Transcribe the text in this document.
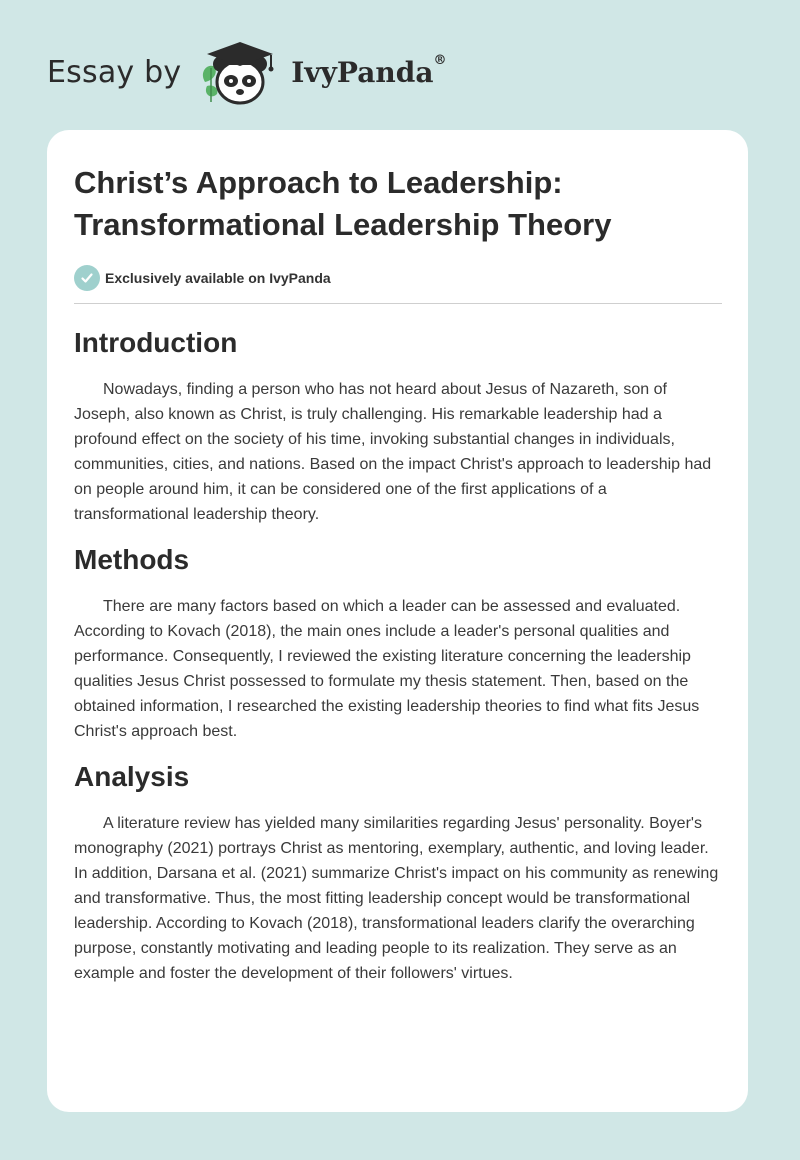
Essay by	IvyPanda®
Christ’s Approach to Leadership:
Transformational Leadership Theory
Exclusively available on IvyPanda
Introduction

Nowadays, finding a person who has not heard about Jesus of Nazareth, son of Joseph, also known as Christ, is truly challenging. His remarkable leadership had a profound effect on the society of his time, invoking substantial changes in individuals, communities, cities, and nations. Based on the impact Christ's approach to leadership had on people around him, it can be considered one of the first applications of a transformational leadership theory.

Methods

There are many factors based on which a leader can be assessed and evaluated. According to Kovach (2018), the main ones include a leader's personal qualities and performance. Consequently, I reviewed the existing literature concerning the leadership qualities Jesus Christ possessed to formulate my thesis statement. Then, based on the obtained information, I researched the existing leadership theories to find what fits Jesus Christ's approach best.

Analysis

A literature review has yielded many similarities regarding Jesus' personality. Boyer's monography (2021) portrays Christ as mentoring, exemplary, authentic, and loving leader. In addition, Darsana et al. (2021) summarize Christ's impact on his community as renewing and transformative. Thus, the most fitting leadership concept would be transformational leadership. According to Kovach (2018), transformational leaders clarify the overarching purpose, constantly motivating and leading people to its realization. They serve as an example and foster the development of their followers' virtues.
